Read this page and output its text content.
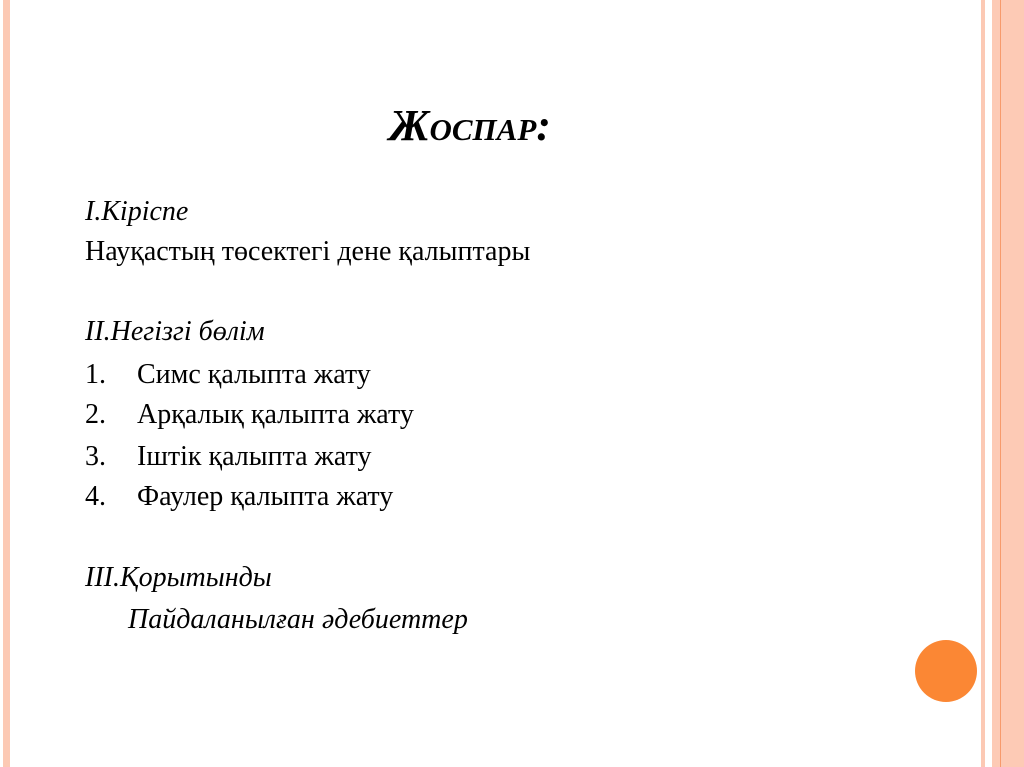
Жоспар:
I.Кіріспе
Науқастың төсектегі дене қалыптары
II.Негізгі бөлім
1. Симс қалыпта жату
2. Арқалық қалыпта жату
3. Іштік қалыпта жату
4. Фаулер қалыпта жату
III.Қорытынды
Пайдаланылған әдебиеттер
